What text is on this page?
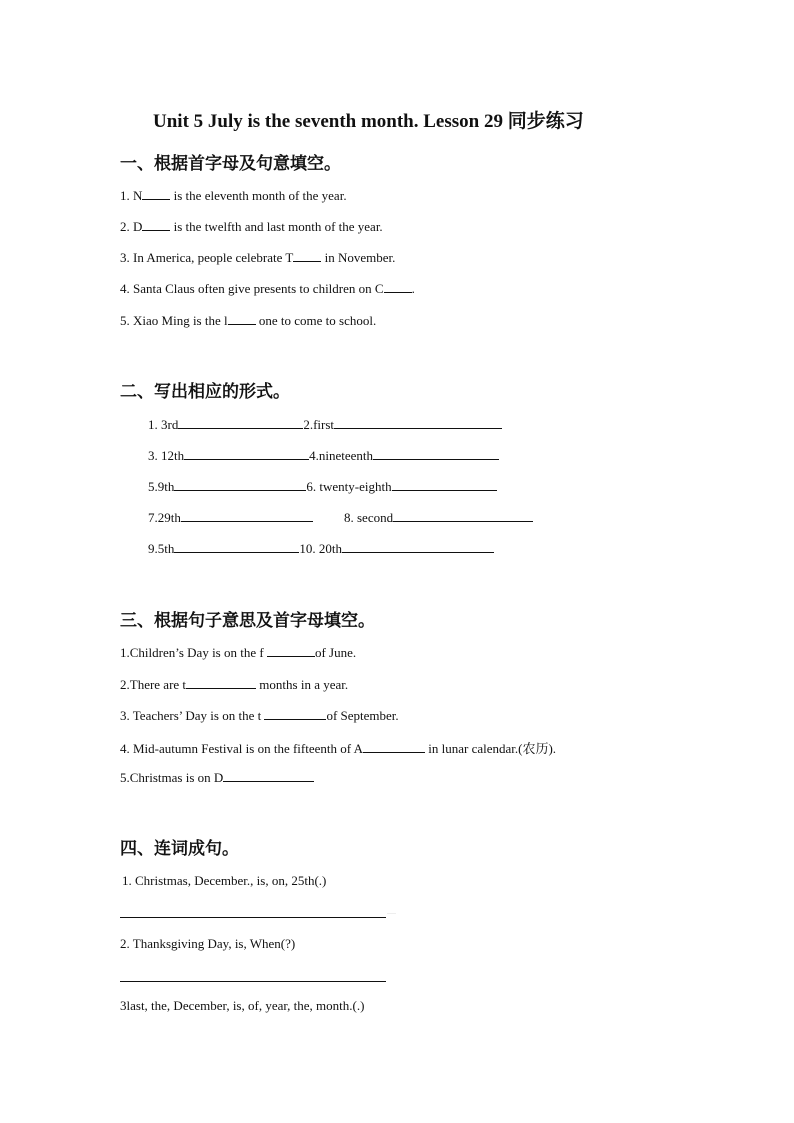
Unit 5 July is the seventh month. Lesson 29 同步练习
一、根据首字母及句意填空。
1. N is the eleventh month of the year.
2. D is the twelfth and last month of the year.
3. In America, people celebrate T in November.
4. Santa Claus often give presents to children on C .
5. Xiao Ming is the l one to come to school.
二、写出相应的形式。
1. 3rd	2.first
3. 12th	4.nineteenth
5.9th	6. twenty-eighth
7.29th	8. second
9.5th	10. 20th
三、根据句子意思及首字母填空。
1.Children’s Day is on the f	of June.
2.There are t	months in a year.
3. Teachers’ Day is on the t	of September.
4. Mid-autumn Festival is on the fifteenth of A	in lunar calendar.(农历).
5.Christmas is on D
四、连词成句。
1. Christmas, December., is, on, 25th(.)
·········
2. Thanksgiving Day, is, When(?)
3last, the, December, is, of, year, the, month.(.)
